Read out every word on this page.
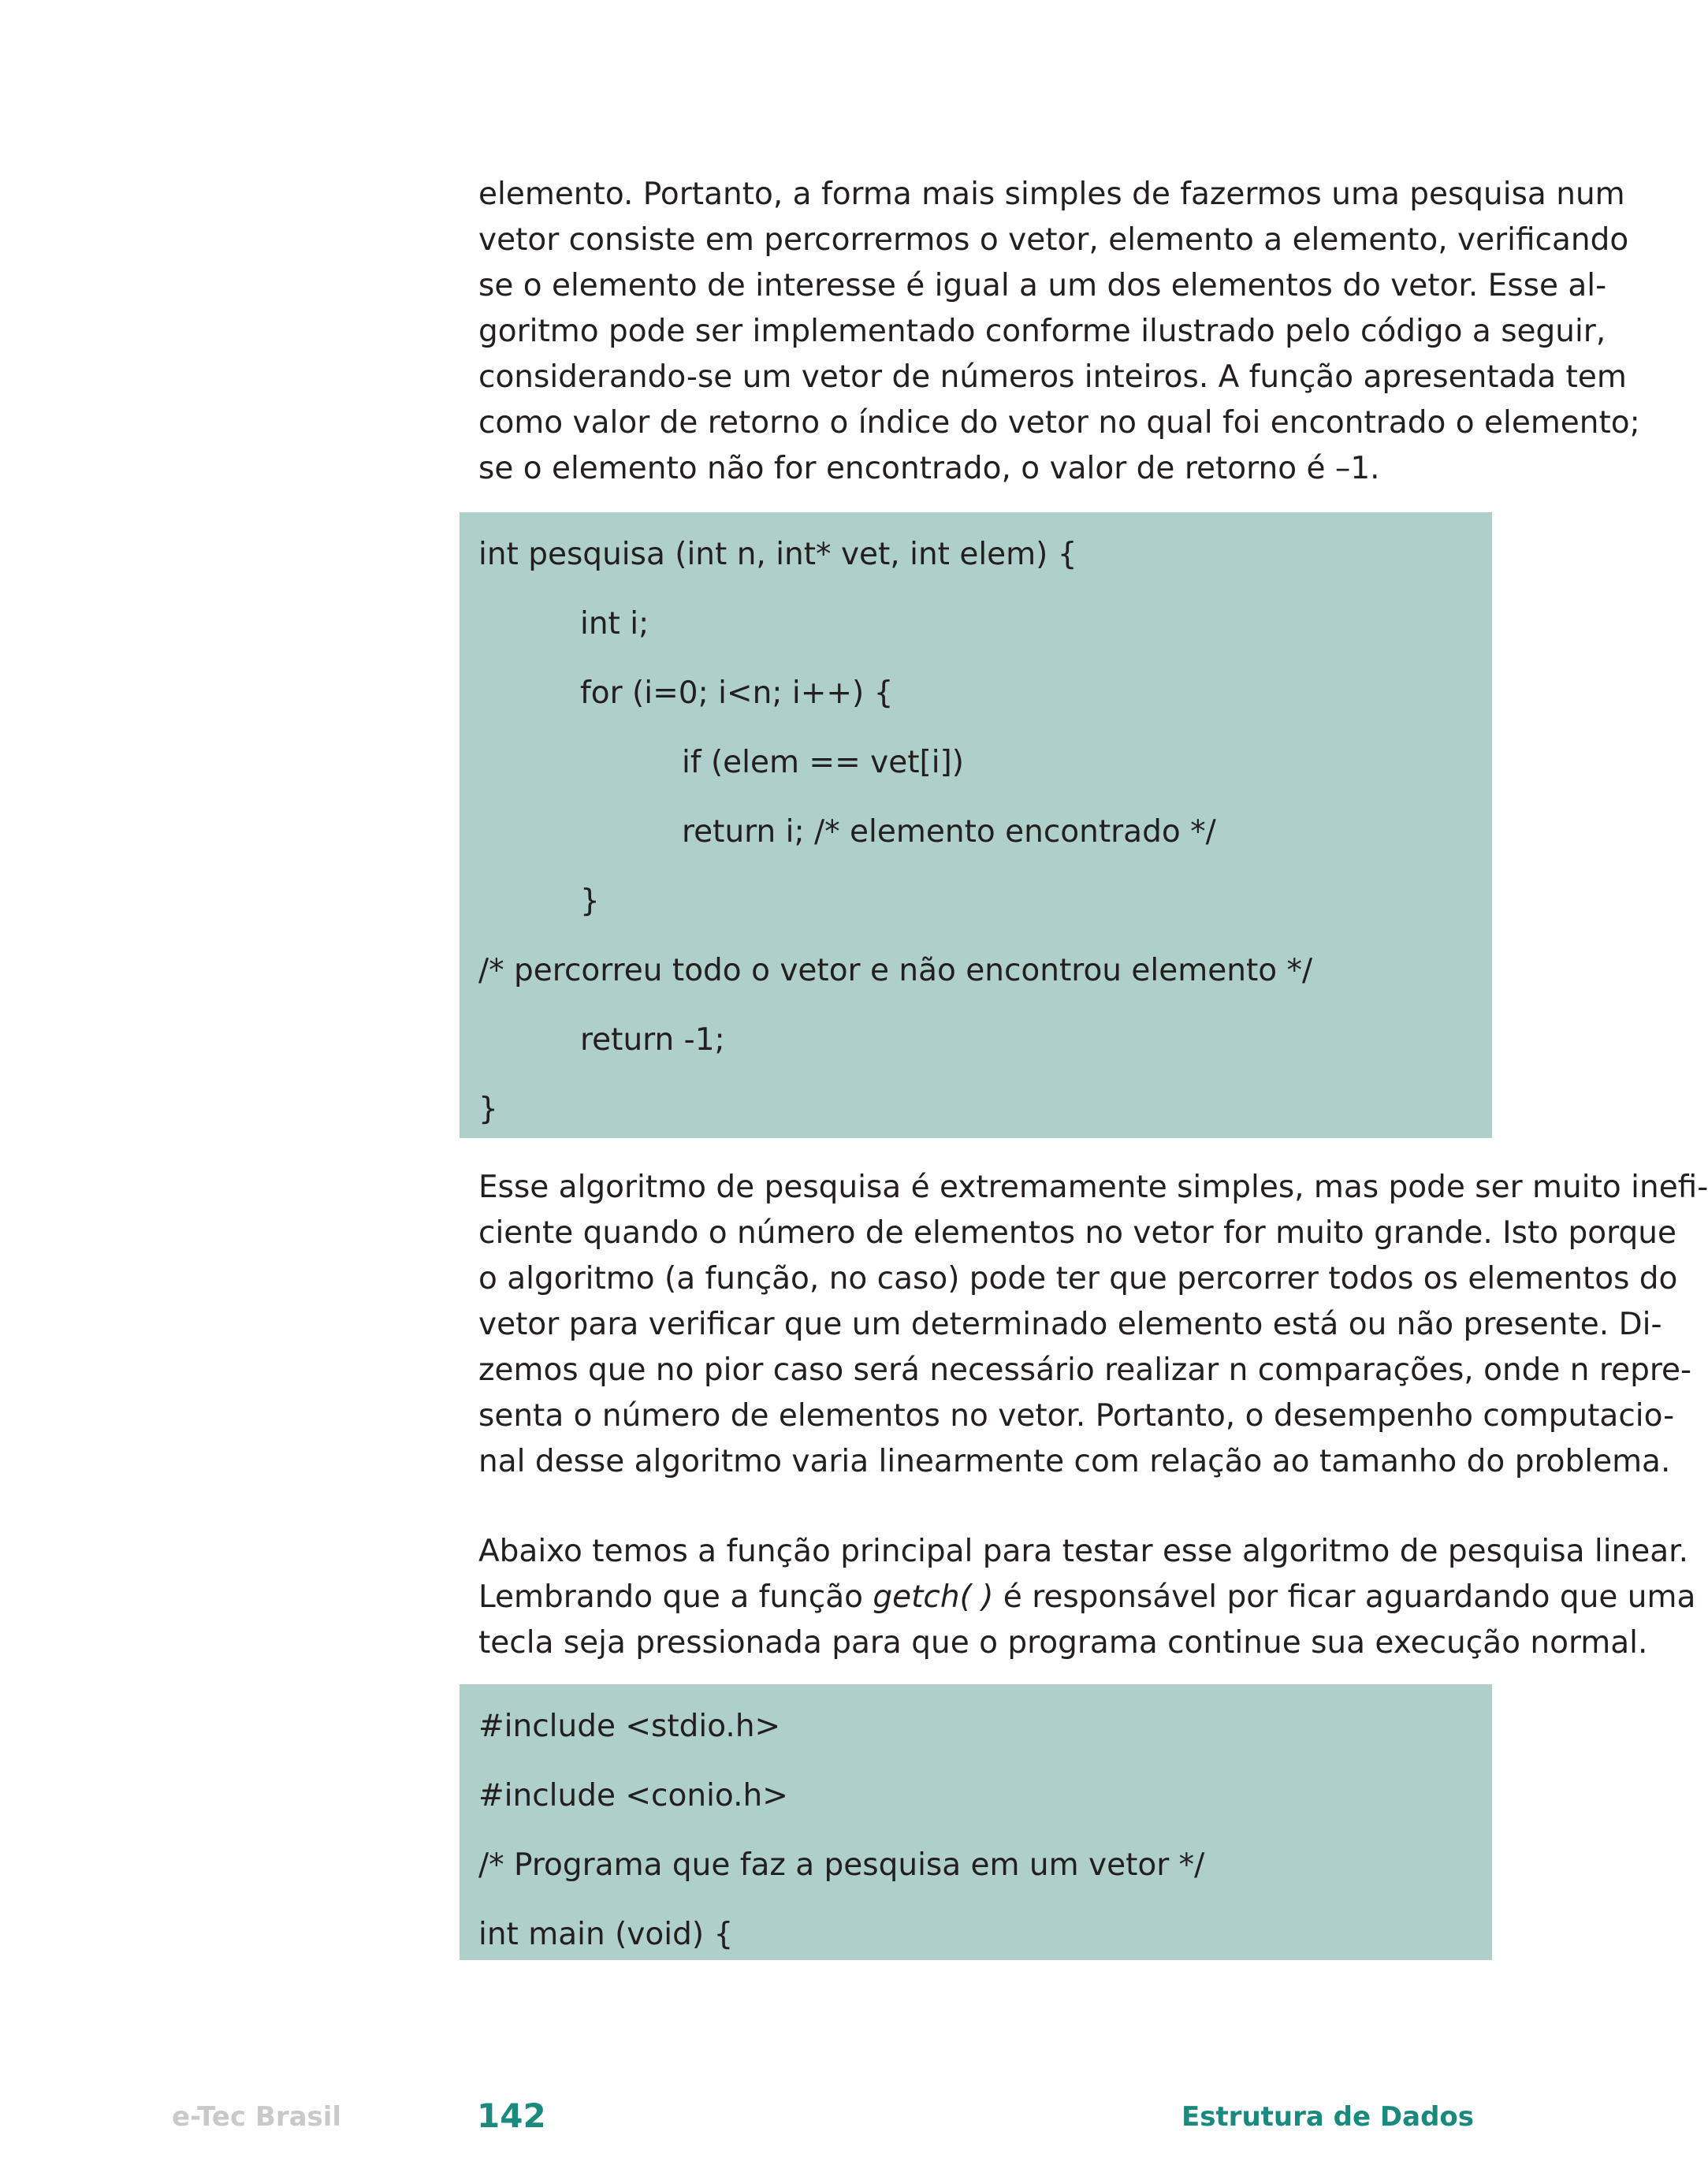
elemento. Portanto, a forma mais simples de fazermos uma pesquisa num
vetor consiste em percorrermos o vetor, elemento a elemento, verificando
se o elemento de interesse é igual a um dos elementos do vetor. Esse al-
goritmo pode ser implementado conforme ilustrado pelo código a seguir,
considerando-se um vetor de números inteiros. A função apresentada tem
como valor de retorno o índice do vetor no qual foi encontrado o elemento;
se o elemento não for encontrado, o valor de retorno é –1.
int pesquisa (int n, int* vet, int elem) {
int i;
for (i=0; i<n; i++) {
if (elem == vet[i])
return i; /* elemento encontrado */
}
/* percorreu todo o vetor e não encontrou elemento */
return -1;
}
Esse algoritmo de pesquisa é extremamente simples, mas pode ser muito inefi-
ciente quando o número de elementos no vetor for muito grande. Isto porque
o algoritmo (a função, no caso) pode ter que percorrer todos os elementos do
vetor para verificar que um determinado elemento está ou não presente. Di-
zemos que no pior caso será necessário realizar n comparações, onde n repre-
senta o número de elementos no vetor. Portanto, o desempenho computacio-
nal desse algoritmo varia linearmente com relação ao tamanho do problema.
Abaixo temos a função principal para testar esse algoritmo de pesquisa linear.
Lembrando que a função getch( ) é responsável por ficar aguardando que uma
tecla seja pressionada para que o programa continue sua execução normal.
#include <stdio.h>
#include <conio.h>
/* Programa que faz a pesquisa em um vetor */
int main (void) {
e-Tec Brasil	142	Estrutura de Dados
